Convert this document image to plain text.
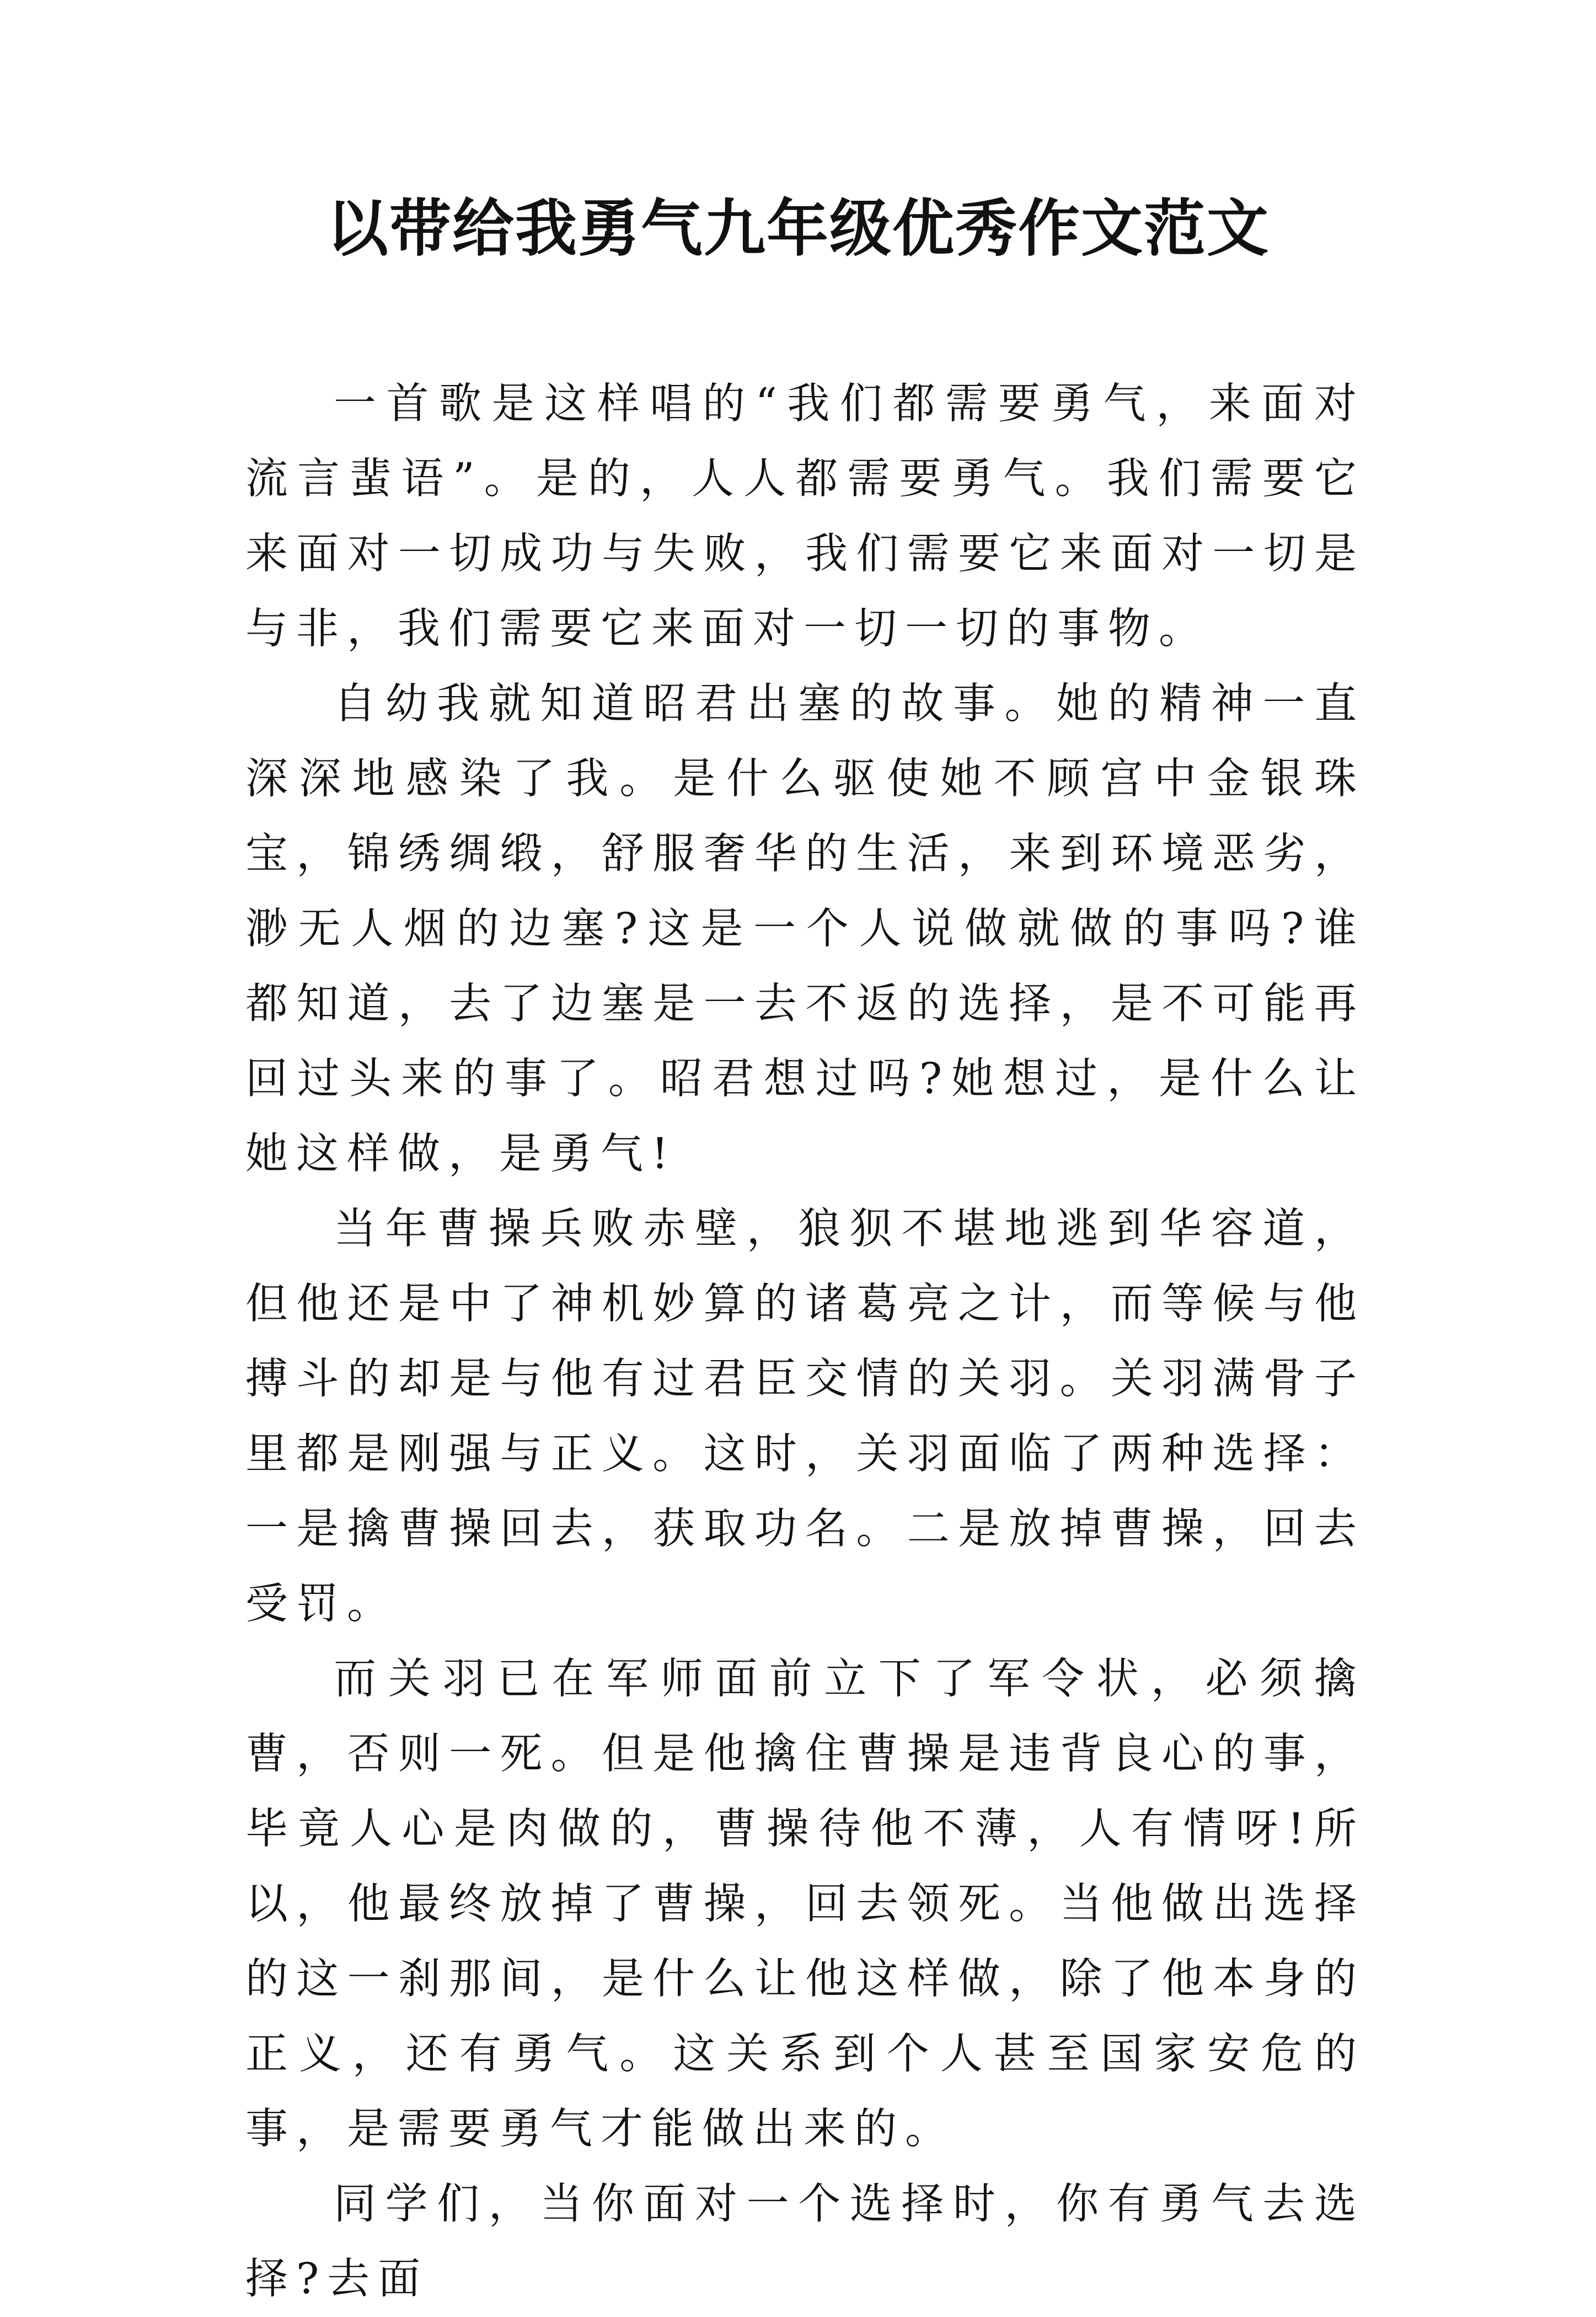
以带给我勇气九年级优秀作文范文

一首歌是这样唱的“我们都需要勇气，来面对流言蜚语”。是的，人人都需要勇气。我们需要它来面对一切成功与失败，我们需要它来面对一切是与非，我们需要它来面对一切一切的事物。

自幼我就知道昭君出塞的故事。她的精神一直深深地感染了我。是什么驱使她不顾宫中金银珠宝，锦绣绸缎，舒服奢华的生活，来到环境恶劣，渺无人烟的边塞?这是一个人说做就做的事吗?谁都知道，去了边塞是一去不返的选择，是不可能再回过头来的事了。昭君想过吗?她想过，是什么让她这样做，是勇气!

当年曹操兵败赤壁，狼狈不堪地逃到华容道，但他还是中了神机妙算的诸葛亮之计，而等候与他搏斗的却是与他有过君臣交情的关羽。关羽满骨子里都是刚强与正义。这时，关羽面临了两种选择：一是擒曹操回去，获取功名。二是放掉曹操，回去受罚。

而关羽已在军师面前立下了军令状，必须擒曹，否则一死。但是他擒住曹操是违背良心的事，毕竟人心是肉做的，曹操待他不薄，人有情呀!所以，他最终放掉了曹操，回去领死。当他做出选择的这一刹那间，是什么让他这样做，除了他本身的正义，还有勇气。这关系到个人甚至国家安危的事，是需要勇气才能做出来的。

同学们，当你面对一个选择时，你有勇气去选择?去面
